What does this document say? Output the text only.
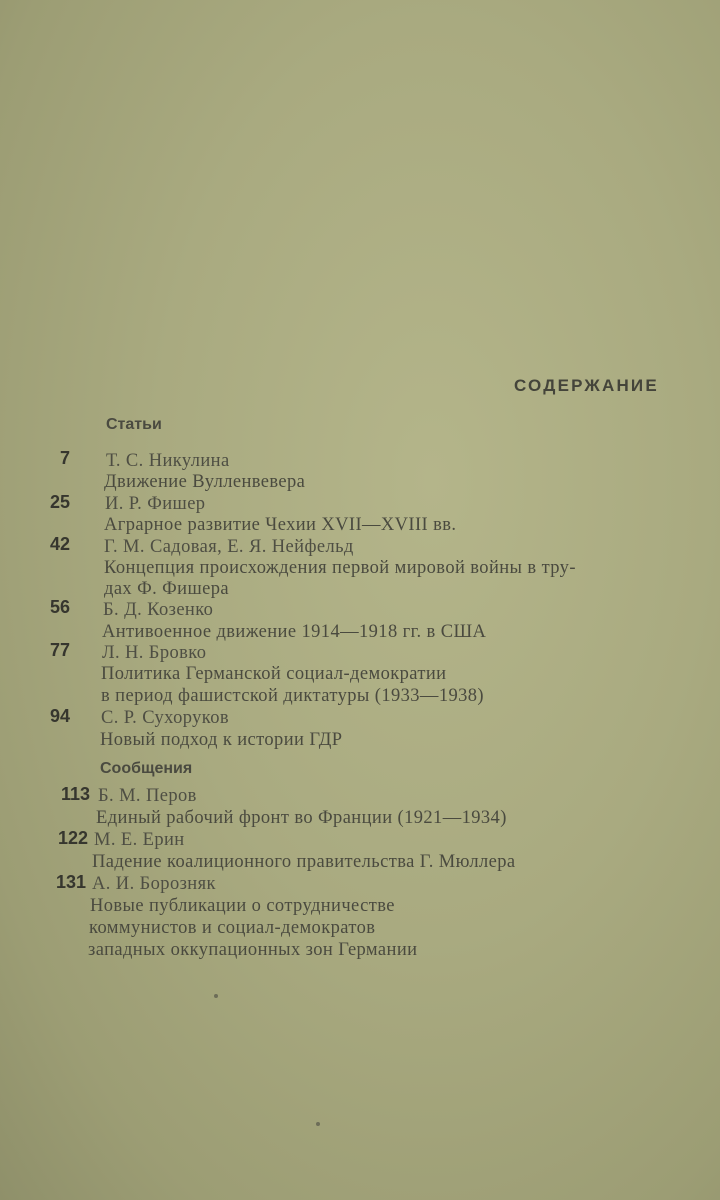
СОДЕРЖАНИЕ
Статьи
7 Т. С. Никулина
Движение Вулленвевера
25 И. Р. Фишер
Аграрное развитие Чехии XVII—XVIII вв.
42 Г. М. Садовая, Е. Я. Нейфельд
Концепция происхождения первой мировой войны в тру-
дах Ф. Фишера
56 Б. Д. Козенко
Антивоенное движение 1914—1918 гг. в США
77 Л. Н. Бровко
Политика Германской социал-демократии
в период фашистской диктатуры (1933—1938)
94 С. Р. Сухоруков
Новый подход к истории ГДР
Сообщения
113 Б. М. Перов
Единый рабочий фронт во Франции (1921—1934)
122 М. Е. Ерин
Падение коалиционного правительства Г. Мюллера
131 А. И. Борозняк
Новые публикации о сотрудничестве
коммунистов и социал-демократов
западных оккупационных зон Германии
